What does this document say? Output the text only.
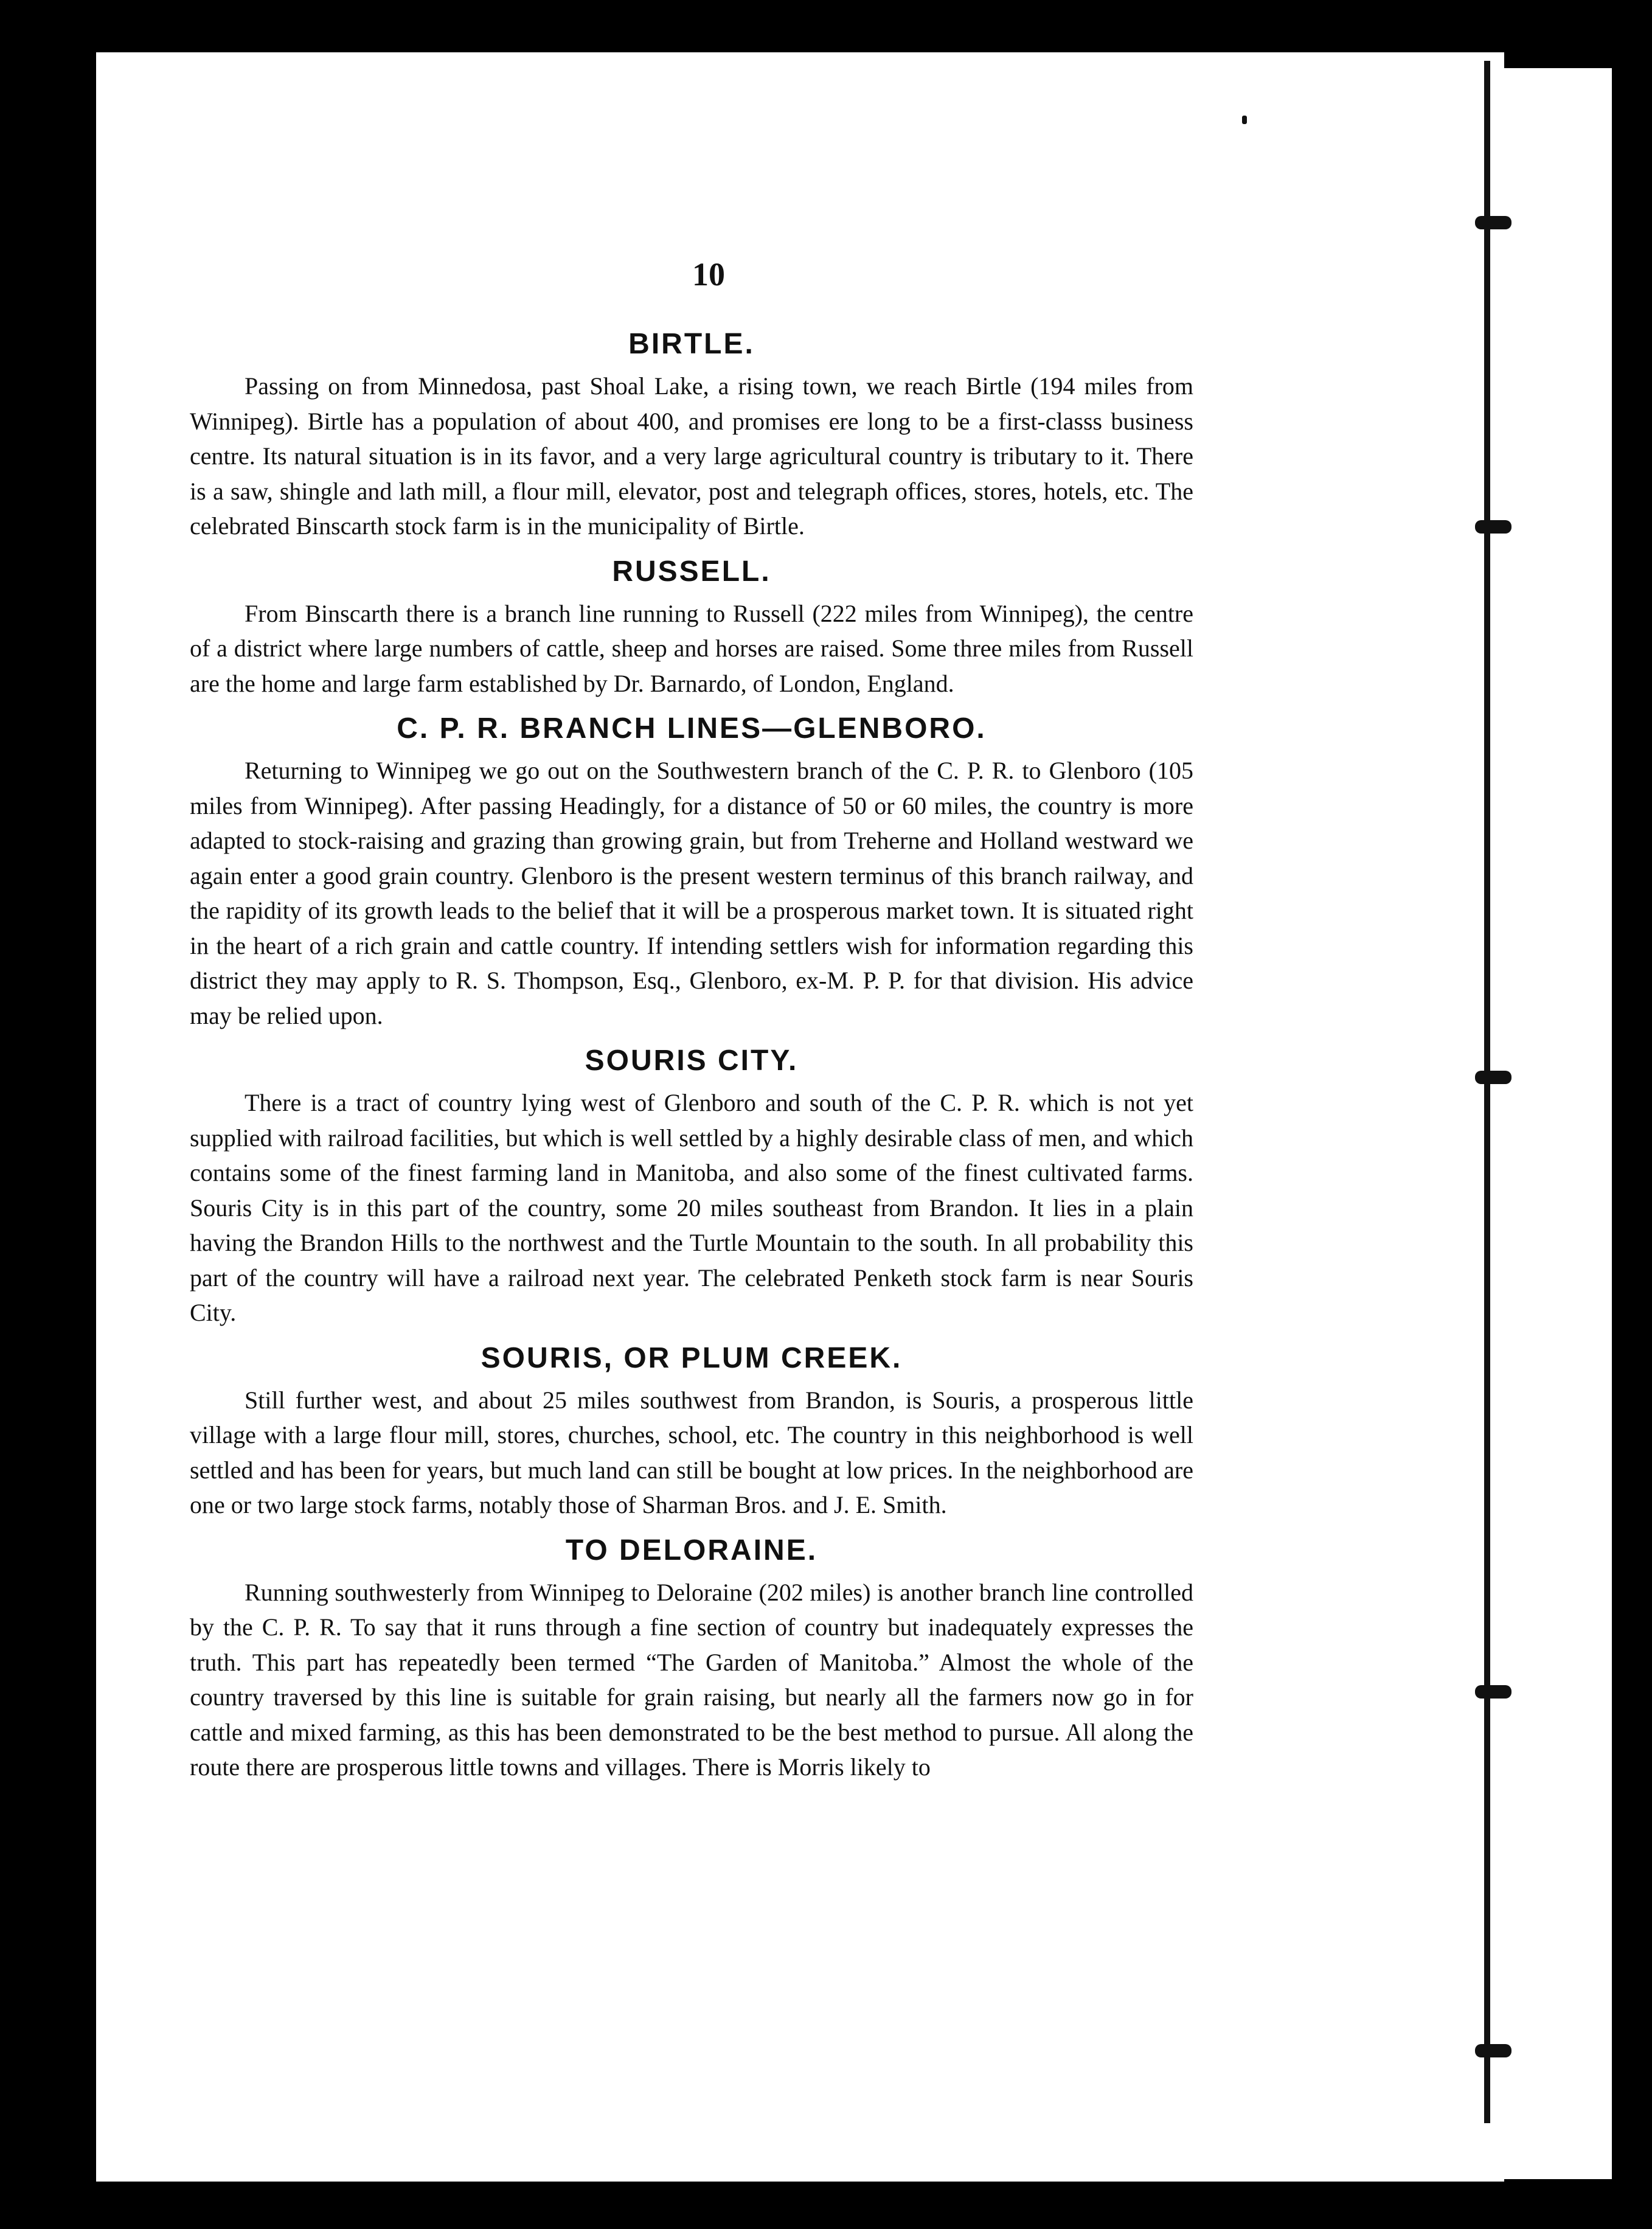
10
BIRTLE.

Passing on from Minnedosa, past Shoal Lake, a rising town, we reach Birtle (194 miles from Winnipeg). Birtle has a population of about 400, and promises ere long to be a first-classs business centre. Its natural situation is in its favor, and a very large agricultural country is tributary to it. There is a saw, shingle and lath mill, a flour mill, elevator, post and telegraph offices, stores, hotels, etc. The celebrated Binscarth stock farm is in the municipality of Birtle.

RUSSELL.

From Binscarth there is a branch line running to Russell (222 miles from Winnipeg), the centre of a district where large numbers of cattle, sheep and horses are raised. Some three miles from Russell are the home and large farm established by Dr. Barnardo, of London, England.

C. P. R. BRANCH LINES—GLENBORO.

Returning to Winnipeg we go out on the Southwestern branch of the C. P. R. to Glenboro (105 miles from Winnipeg). After passing Headingly, for a distance of 50 or 60 miles, the country is more adapted to stock-raising and grazing than growing grain, but from Treherne and Holland westward we again enter a good grain country. Glenboro is the present western terminus of this branch railway, and the rapidity of its growth leads to the belief that it will be a prosperous market town. It is situated right in the heart of a rich grain and cattle country. If intending settlers wish for information regarding this district they may apply to R. S. Thompson, Esq., Glenboro, ex-M. P. P. for that division. His advice may be relied upon.

SOURIS CITY.

There is a tract of country lying west of Glenboro and south of the C. P. R. which is not yet supplied with railroad facilities, but which is well settled by a highly desirable class of men, and which contains some of the finest farming land in Manitoba, and also some of the finest cultivated farms. Souris City is in this part of the country, some 20 miles southeast from Brandon. It lies in a plain having the Brandon Hills to the northwest and the Turtle Mountain to the south. In all probability this part of the country will have a railroad next year. The celebrated Penketh stock farm is near Souris City.

SOURIS, OR PLUM CREEK.

Still further west, and about 25 miles southwest from Brandon, is Souris, a prosperous little village with a large flour mill, stores, churches, school, etc. The country in this neighborhood is well settled and has been for years, but much land can still be bought at low prices. In the neighborhood are one or two large stock farms, notably those of Sharman Bros. and J. E. Smith.

TO DELORAINE.

Running southwesterly from Winnipeg to Deloraine (202 miles) is another branch line controlled by the C. P. R. To say that it runs through a fine section of country but inadequately expresses the truth. This part has repeatedly been termed “The Garden of Manitoba.” Almost the whole of the country traversed by this line is suitable for grain raising, but nearly all the farmers now go in for cattle and mixed farming, as this has been demonstrated to be the best method to pursue. All along the route there are prosperous little towns and villages. There is Morris likely to
